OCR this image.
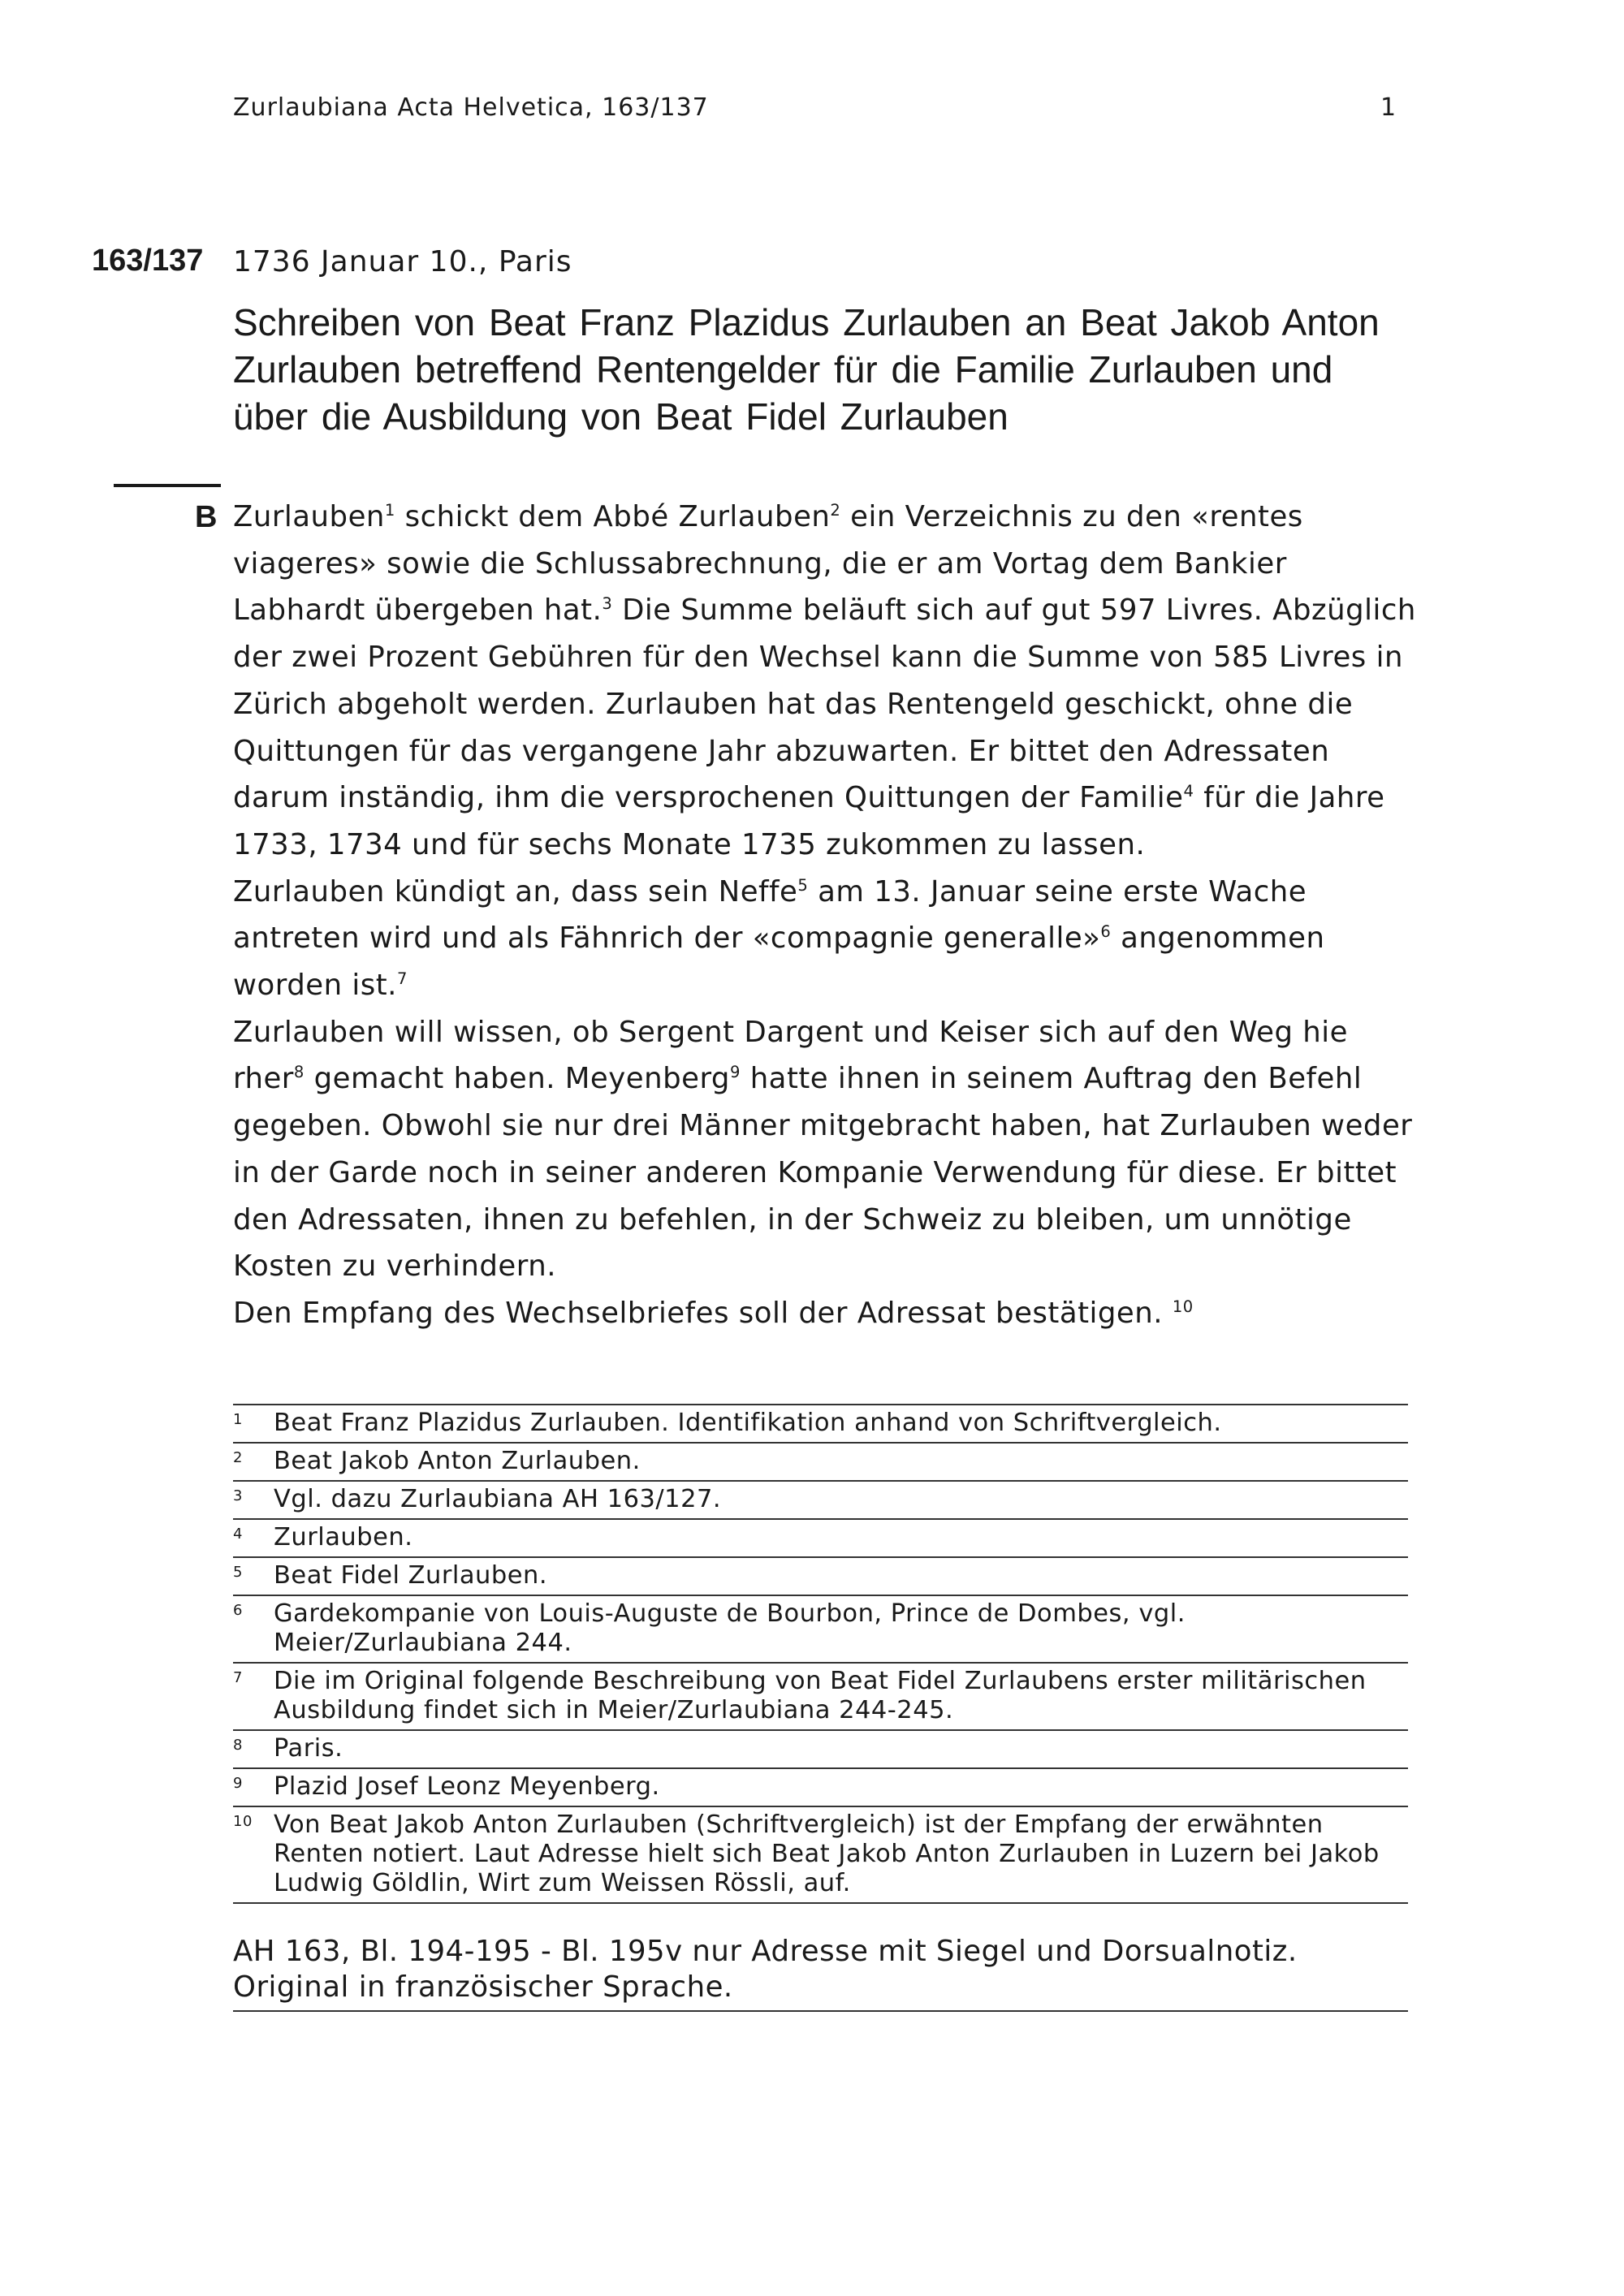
Zurlaubiana Acta Helvetica, 163/137	1
163/137 1736 Januar 10., Paris
Schreiben von Beat Franz Plazidus Zurlauben an Beat Jakob Anton Zurlauben betreffend Rentengelder für die Familie Zurlauben und über die Ausbildung von Beat Fidel Zurlauben
B Zurlauben$^1$ schickt dem Abbé Zurlauben$^2$ ein Verzeichnis zu den «rentes viageres» sowie die Schlussabrechnung, die er am Vortag dem Bankier Labhardt übergeben hat.$^3$ Die Summe beläuft sich auf gut 597 Livres. Abzüglich der zwei Prozent Gebühren für den Wechsel kann die Summe von 585 Livres in Zürich abgeholt werden. Zurlauben hat das Rentengeld geschickt, ohne die Quittungen für das vergangene Jahr abzuwarten. Er bittet den Adressaten darum inständig, ihm die versprochenen Quittungen der Familie$^4$ für die Jahre 1733, 1734 und für sechs Monate 1735 zukommen zu lassen.

Zurlauben kündigt an, dass sein Neffe$^5$ am 13. Januar seine erste Wache antreten wird und als Fähnrich der «compagnie generalle»$^6$ angenommen worden ist.$^7$

Zurlauben will wissen, ob Sergent Dargent und Keiser sich auf den Weg hie rher$^8$ gemacht haben. Meyenberg$^9$ hatte ihnen in seinem Auftrag den Befehl gegeben. Obwohl sie nur drei Männer mitgebracht haben, hat Zurlauben weder in der Garde noch in seiner anderen Kompanie Verwendung für diese. Er bittet den Adressaten, ihnen zu befehlen, in der Schweiz zu bleiben, um unnötige Kosten zu verhindern.

Den Empfang des Wechselbriefes soll der Adressat bestätigen. $^{10}$

1 Beat Franz Plazidus Zurlauben. Identifikation anhand von Schriftvergleich.
2 Beat Jakob Anton Zurlauben.
3 Vgl. dazu Zurlaubiana AH 163/127.
4 Zurlauben.
5 Beat Fidel Zurlauben.
6 Gardekompanie von Louis-Auguste de Bourbon, Prince de Dombes, vgl. Meier/Zurlaubiana 244.
7 Die im Original folgende Beschreibung von Beat Fidel Zurlaubens erster militärischen Ausbildung findet sich in Meier/Zurlaubiana 244-245.
8 Paris.
9 Plazid Josef Leonz Meyenberg.
10 Von Beat Jakob Anton Zurlauben (Schriftvergleich) ist der Empfang der erwähnten Renten notiert. Laut Adresse hielt sich Beat Jakob Anton Zurlauben in Luzern bei Jakob Ludwig Göldlin, Wirt zum Weissen Rössli, auf.
AH 163, Bl. 194-195 - Bl. 195v nur Adresse mit Siegel und Dorsualnotiz.
Original in französischer Sprache.
